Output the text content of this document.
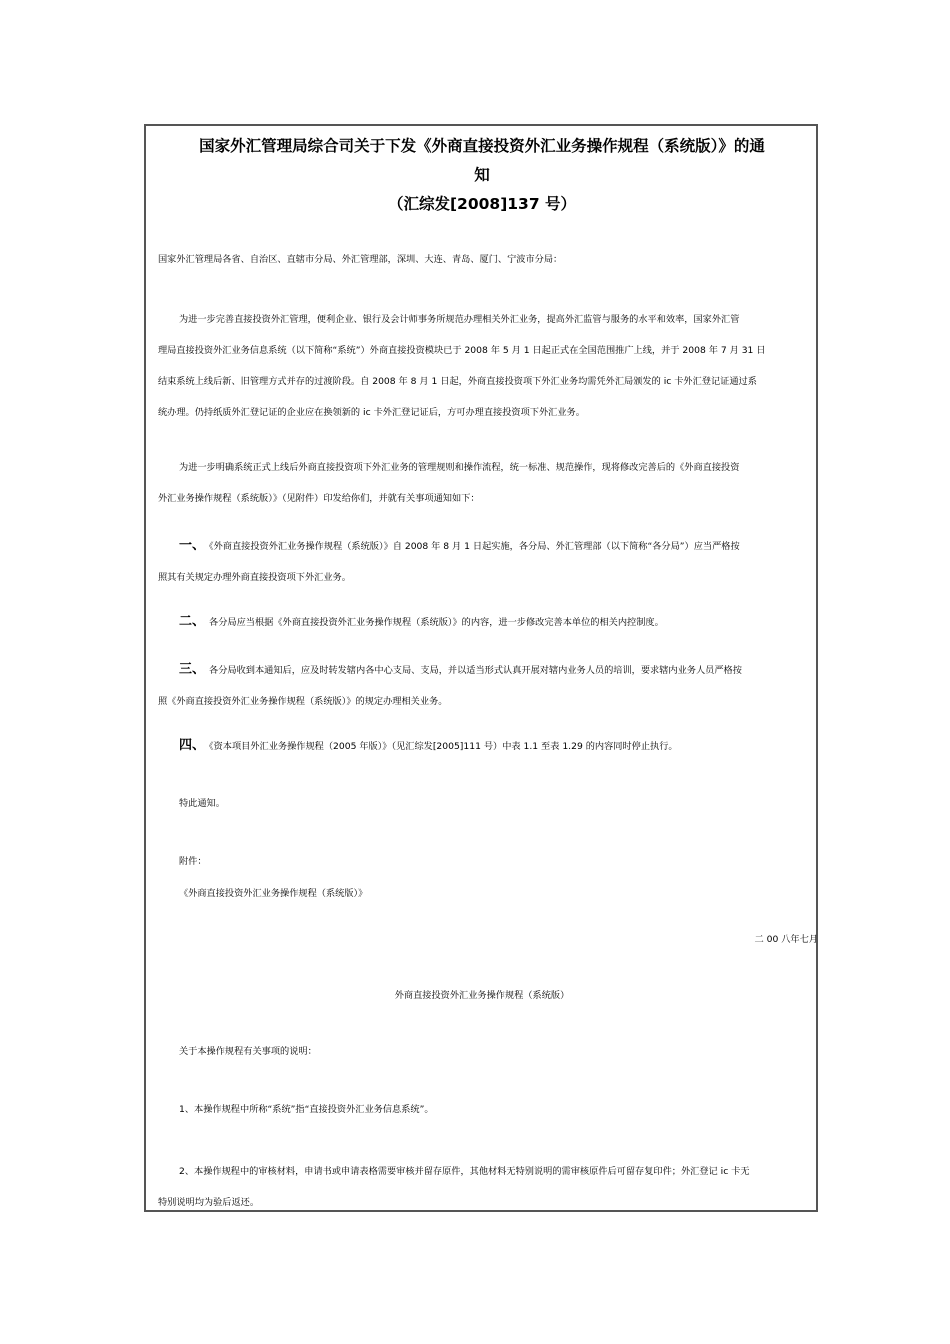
国家外汇管理局综合司关于下发《外商直接投资外汇业务操作规程（系统版）》的通
知
（汇综发[2008]137 号）
国家外汇管理局各省、自治区、直辖市分局、外汇管理部，深圳、大连、青岛、厦门、宁波市分局：
为进一步完善直接投资外汇管理，便利企业、银行及会计师事务所规范办理相关外汇业务，提高外汇监管与服务的水平和效率，国家外汇管
理局直接投资外汇业务信息系统（以下简称“系统”）外商直接投资模块已于 2008 年 5 月 1 日起正式在全国范围推广上线，并于 2008 年 7 月 31 日
结束系统上线后新、旧管理方式并存的过渡阶段。自 2008 年 8 月 1 日起，外商直接投资项下外汇业务均需凭外汇局颁发的 ic 卡外汇登记证通过系
统办理。仍持纸质外汇登记证的企业应在换领新的 ic 卡外汇登记证后，方可办理直接投资项下外汇业务。
为进一步明确系统正式上线后外商直接投资项下外汇业务的管理规则和操作流程，统一标准、规范操作，现将修改完善后的《外商直接投资
外汇业务操作规程（系统版）》（见附件）印发给你们，并就有关事项通知如下：
一、 《外商直接投资外汇业务操作规程（系统版）》自 2008 年 8 月 1 日起实施，各分局、外汇管理部（以下简称“各分局”）应当严格按
照其有关规定办理外商直接投资项下外汇业务。
二、 各分局应当根据《外商直接投资外汇业务操作规程（系统版）》的内容，进一步修改完善本单位的相关内控制度。
三、 各分局收到本通知后，应及时转发辖内各中心支局、支局，并以适当形式认真开展对辖内业务人员的培训，要求辖内业务人员严格按
照《外商直接投资外汇业务操作规程（系统版）》的规定办理相关业务。
四、 《资本项目外汇业务操作规程（2005 年版）》（见汇综发[2005]111 号）中表 1.1 至表 1.29 的内容同时停止执行。
特此通知。
附件：
《外商直接投资外汇业务操作规程（系统版）》
二 00 八年七月
外商直接投资外汇业务操作规程（系统版）
关于本操作规程有关事项的说明：
1、本操作规程中所称“系统”指“直接投资外汇业务信息系统”。
2、本操作规程中的审核材料，申请书或申请表格需要审核并留存原件，其他材料无特别说明的需审核原件后可留存复印件；外汇登记 ic 卡无
特别说明均为验后返还。
